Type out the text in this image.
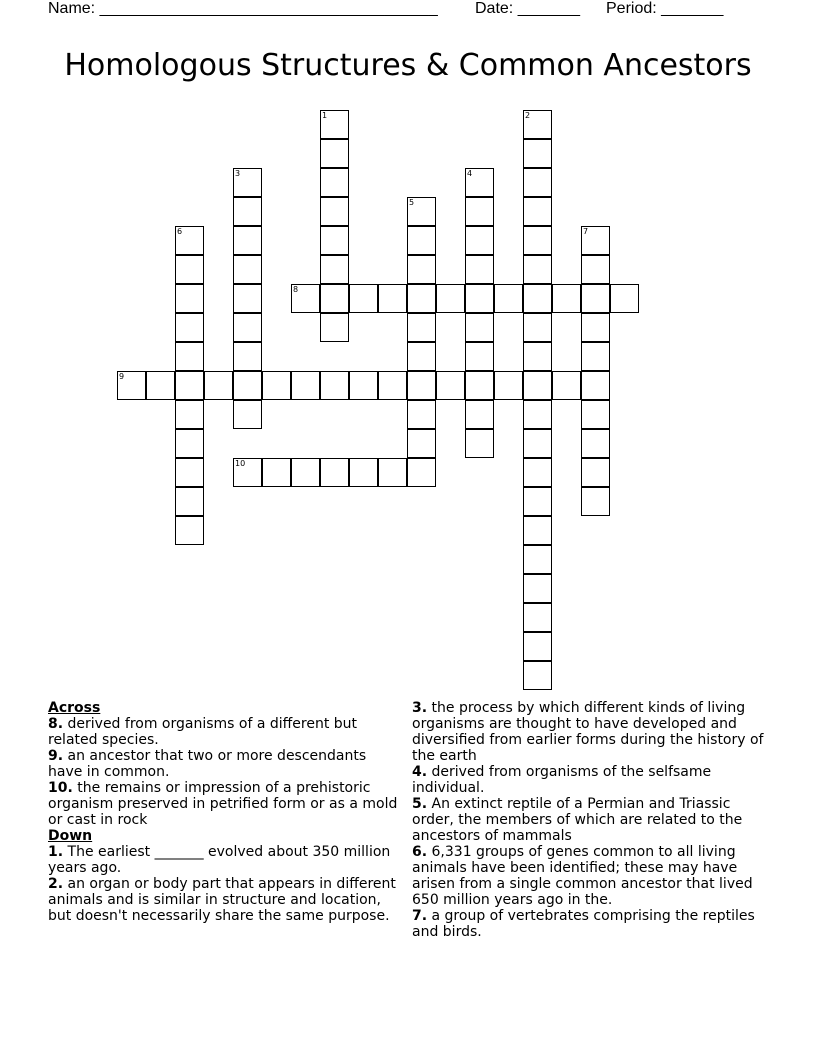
Name: ______________________________________ Date: _______ Period: _______
Homologous Structures & Common Ancestors
1	2
3	4
5
6	7
8
9
10
Across
8. derived from organisms of a different but related species.
9. an ancestor that two or more descendants have in common.
10. the remains or impression of a prehistoric organism preserved in petrified form or as a mold or cast in rock
Down
1. The earliest _______ evolved about 350 million years ago.
2. an organ or body part that appears in different animals and is similar in structure and location, but doesn't necessarily share the same purpose.
3. the process by which different kinds of living organisms are thought to have developed and diversified from earlier forms during the history of the earth
4. derived from organisms of the selfsame individual.
5. An extinct reptile of a Permian and Triassic order, the members of which are related to the ancestors of mammals
6. 6,331 groups of genes common to all living animals have been identified; these may have arisen from a single common ancestor that lived 650 million years ago in the.
7. a group of vertebrates comprising the reptiles and birds.
